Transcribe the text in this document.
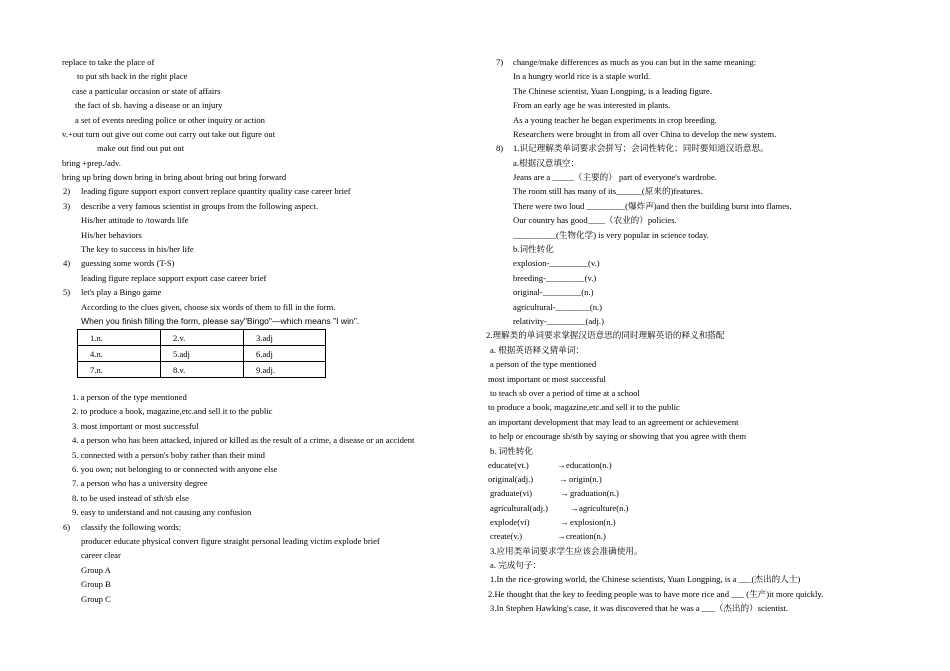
replace to take the place of
to put sth back in the right place
case a particular occasion or state of affairs
the fact of sb. having a disease or an injury
a set of events needing police or other inquiry or action
v.+out turn out give out come out carry out take out figure out
make out find out put out
bring +prep./adv.
bring up bring down bring in bring about bring out bring forward
2) leading figure support export convert replace quantity quality case career brief
3) describe a very famous scientist in groups from the following aspect.
His/her attitude to /towards life
His/her behaviors
The key to success in his/her life
4) guessing some words (T-S)
leading figure replace support export case career brief
5) let's play a Bingo game
According to the clues given, choose six words of them to fill in the form.
When you finish filling the form, please say"Bingo"—which means "I win".
1.n.	2.v.	3.adj
4.n.	5.adj	6.adj
7.n.	8.v.	9.adj.
1. a person of the type mentioned
2. to produce a book, magazine,etc.and sell it to the public
3. most important or most successful
4. a person who has been attacked, injured or killed as the result of a crime, a disease or an accident
5. connected with a person's boby rather than their mind
6. you own; not belonging to or connected with anyone else
7. a person who has a university degree
8. to be used instead of sth/sb else
9. easy to understand and not causing any confusion
6) classify the following words:
producer educate physical convert figure straight personal leading victim explode brief
career clear
Group A
Group B
Group C
7) change/make differences as much as you can but in the same meaning:
In a hungry world rice is a staple world.
The Chinese scientist, Yuan Longping, is a leading figure.
From an early age he was interested in plants.
As a young teacher he began experiments in crop breeding.
Researchers were brought in from all over China to develop the new system.
8) 1.识记理解类单词要求会拼写；会词性转化；同时要知道汉语意思。
a.根据汉意填空：
Jeans are a _____（主要的） part of everyone's wardrobe.
The room still has many of its______(原来的)features.
There were two loud _________(爆炸声)and then the building burst into flames.
Our country has good____（农业的）policies.
__________(生物化学) is very popular in science today.
b.词性转化
explosion-_________(v.)
breeding-_________(v.)
original-_________(n.)
agricultural-________(n.)
relativity-_________(adj.)
2.理解类的单词要求掌握汉语意思的同时理解英语的释义和搭配
a. 根据英语释义猜单词：
a person of the type mentioned
most important or most successful
to teach sb over a period of time at a school
to produce a book, magazine,etc.and sell it to the public
an important development that may lead to an agreement or achievement
to help or encourage sb/sth by saying or showing that you agree with them
b. 词性转化
educate(vt.)	→ education(n.)
original(adj.)	→ origin(n.)
graduate(vi)	→ graduation(n.)
agricultural(adj.)	→ agriculture(n.)
explode(vi)	→ explosion(n.)
create(v.)	→ creation(n.)
3.应用类单词要求学生应该会准确使用。
a. 完成句子：
1.In the rice-growing world, the Chinese scientists, Yuan Longping, is a ___(杰出的人士)
2.He thought that the key to feeding people was to have more rice and ___ (生产)it more quickly.
3.In Stephen Hawking's case, it was discovered that he was a ___（杰出的）scientist.
